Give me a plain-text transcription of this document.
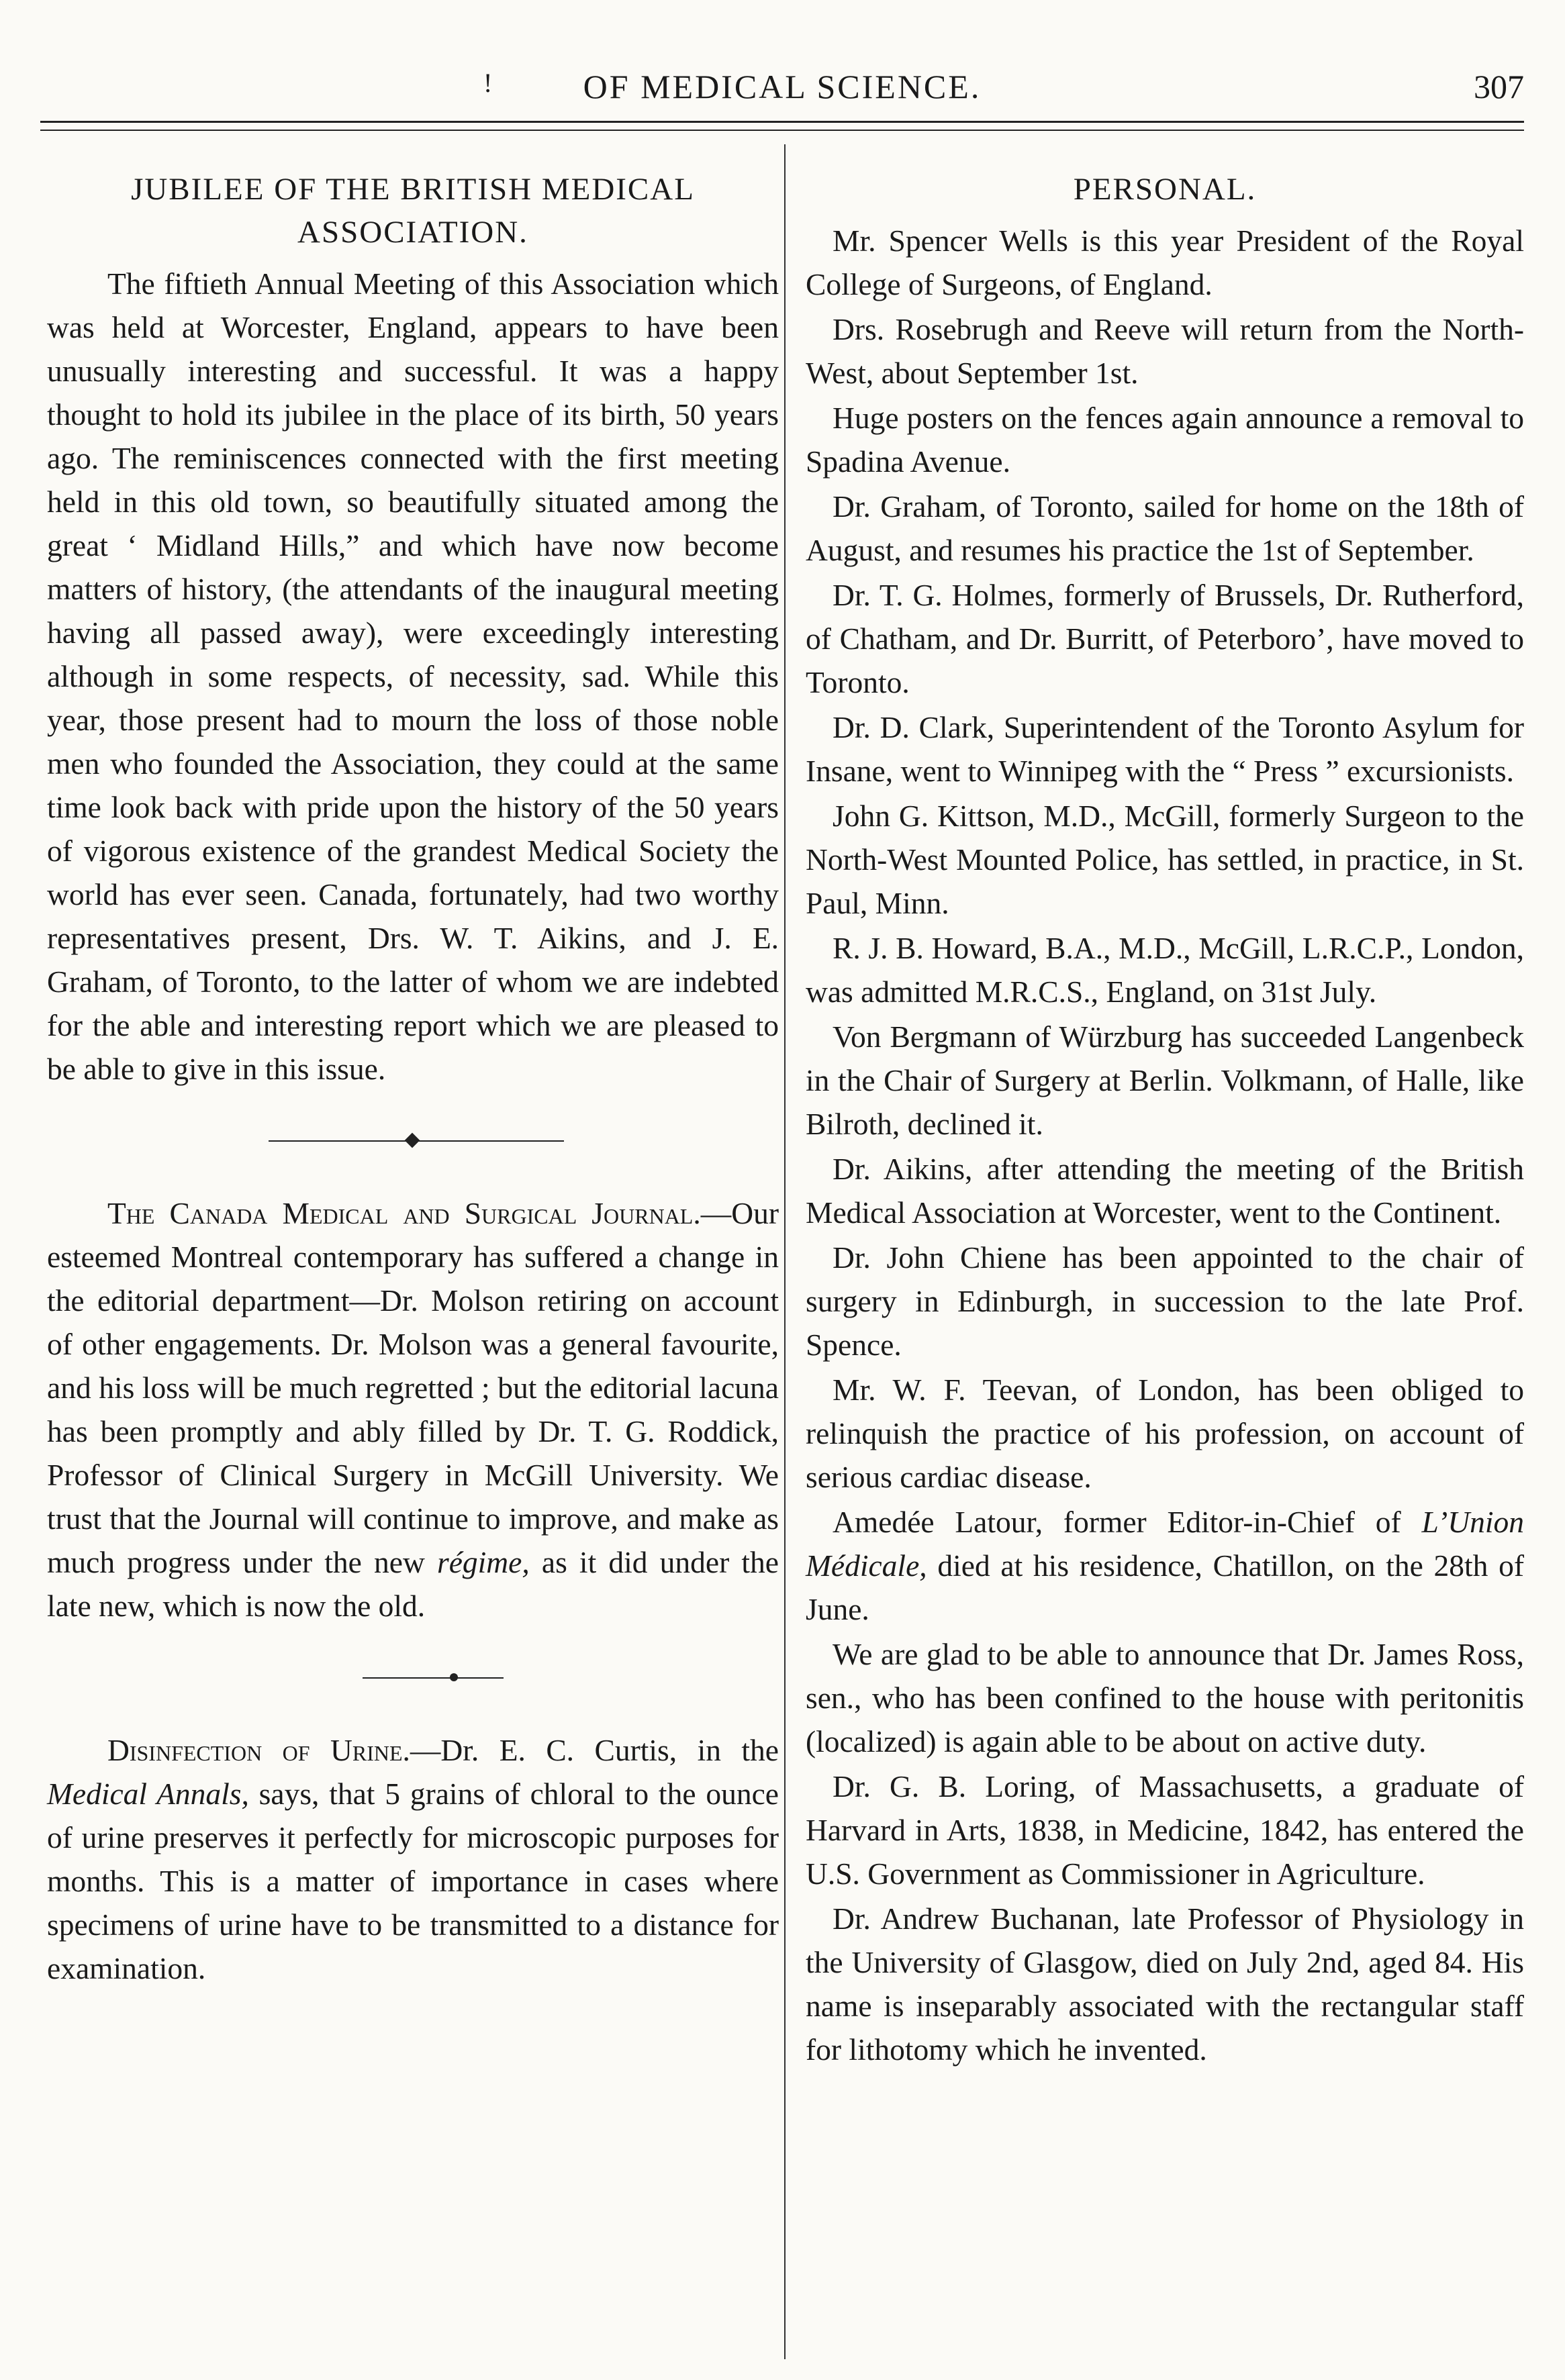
!	OF MEDICAL SCIENCE.	307
JUBILEE OF THE BRITISH MEDICAL ASSOCIATION.

The fiftieth Annual Meeting of this Association which was held at Worcester, England, appears to have been unusually interesting and successful. It was a happy thought to hold its jubilee in the place of its birth, 50 years ago. The reminiscences connected with the first meeting held in this old town, so beautifully situated among the great ‘ Midland Hills,” and which have now become matters of history, (the attendants of the inaugural meeting having all passed away), were exceedingly interesting although in some respects, of necessity, sad. While this year, those present had to mourn the loss of those noble men who founded the Association, they could at the same time look back with pride upon the history of the 50 years of vigorous existence of the grandest Medical Society the world has ever seen. Canada, fortunately, had two worthy representatives present, Drs. W. T. Aikins, and J. E. Graham, of Toronto, to the latter of whom we are indebted for the able and interesting report which we are pleased to be able to give in this issue.

The Canada Medical and Surgical Journal.—Our esteemed Montreal contemporary has suffered a change in the editorial department—Dr. Molson retiring on account of other engagements. Dr. Molson was a general favourite, and his loss will be much regretted ; but the editorial lacuna has been promptly and ably filled by Dr. T. G. Roddick, Professor of Clinical Surgery in McGill University. We trust that the Journal will continue to improve, and make as much progress under the new régime, as it did under the late new, which is now the old.

Disinfection of Urine.—Dr. E. C. Curtis, in the Medical Annals, says, that 5 grains of chloral to the ounce of urine preserves it perfectly for microscopic purposes for months. This is a matter of importance in cases where specimens of urine have to be transmitted to a distance for examination.

PERSONAL.

Mr. Spencer Wells is this year President of the Royal College of Surgeons, of England.

Drs. Rosebrugh and Reeve will return from the North-West, about September 1st.

Huge posters on the fences again announce a removal to Spadina Avenue.

Dr. Graham, of Toronto, sailed for home on the 18th of August, and resumes his practice the 1st of September.

Dr. T. G. Holmes, formerly of Brussels, Dr. Rutherford, of Chatham, and Dr. Burritt, of Peterboro’, have moved to Toronto.

Dr. D. Clark, Superintendent of the Toronto Asylum for Insane, went to Winnipeg with the “ Press ” excursionists.

John G. Kittson, M.D., McGill, formerly Surgeon to the North-West Mounted Police, has settled, in practice, in St. Paul, Minn.

R. J. B. Howard, B.A., M.D., McGill, L.R.C.P., London, was admitted M.R.C.S., England, on 31st July.

Von Bergmann of Würzburg has succeeded Langenbeck in the Chair of Surgery at Berlin. Volkmann, of Halle, like Bilroth, declined it.

Dr. Aikins, after attending the meeting of the British Medical Association at Worcester, went to the Continent.

Dr. John Chiene has been appointed to the chair of surgery in Edinburgh, in succession to the late Prof. Spence.

Mr. W. F. Teevan, of London, has been obliged to relinquish the practice of his profession, on account of serious cardiac disease.

Amedée Latour, former Editor-in-Chief of L’Union Médicale, died at his residence, Chatillon, on the 28th of June.

We are glad to be able to announce that Dr. James Ross, sen., who has been confined to the house with peritonitis (localized) is again able to be about on active duty.

Dr. G. B. Loring, of Massachusetts, a graduate of Harvard in Arts, 1838, in Medicine, 1842, has entered the U.S. Government as Commissioner in Agriculture.

Dr. Andrew Buchanan, late Professor of Physiology in the University of Glasgow, died on July 2nd, aged 84. His name is inseparably associated with the rectangular staff for lithotomy which he invented.
